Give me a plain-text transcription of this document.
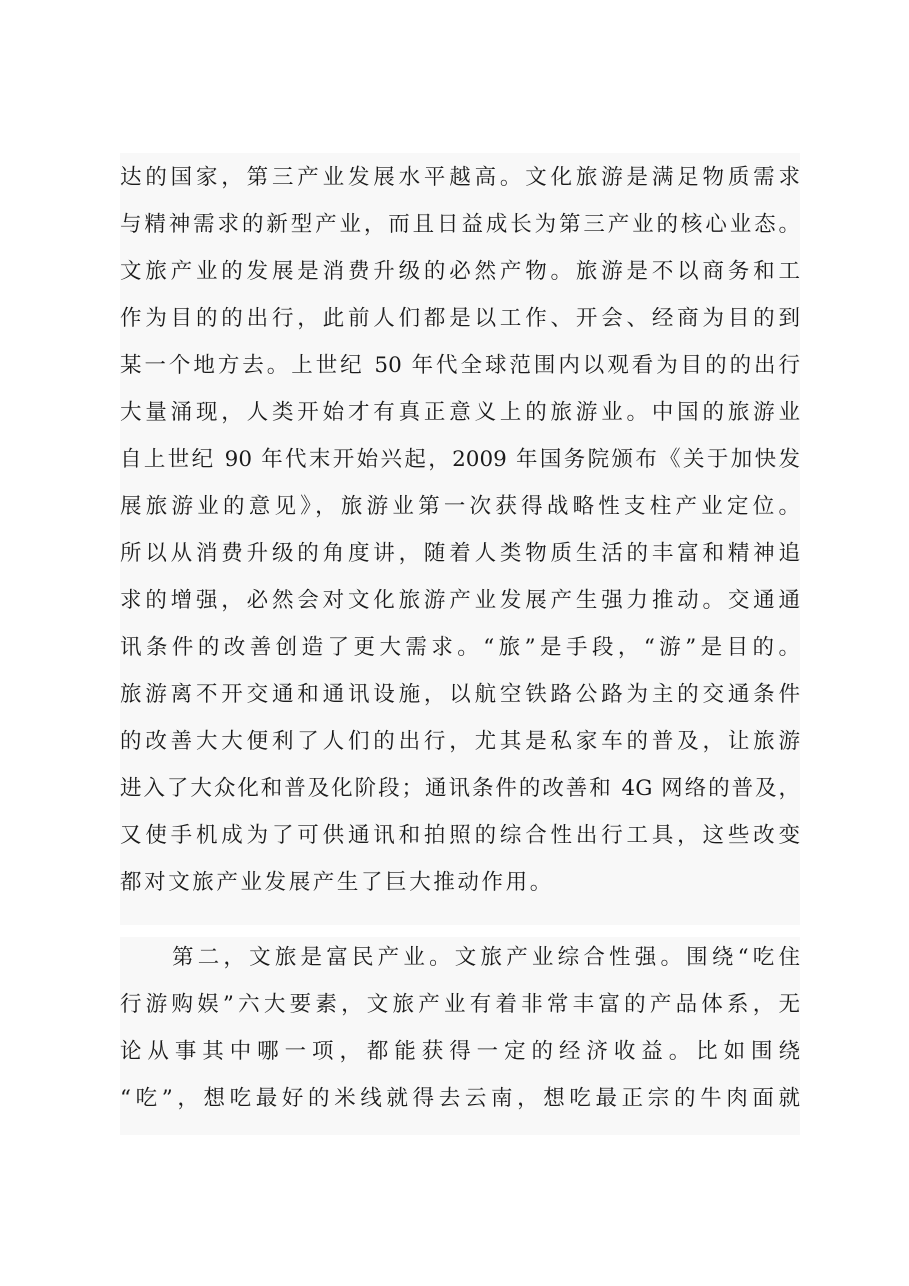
达的国家，第三产业发展水平越高。文化旅游是满足物质需求
与精神需求的新型产业，而且日益成长为第三产业的核心业态。
文旅产业的发展是消费升级的必然产物。旅游是不以商务和工
作为目的的出行，此前人们都是以工作、开会、经商为目的到
某一个地方去。上世纪 50 年代全球范围内以观看为目的的出行
大量涌现，人类开始才有真正意义上的旅游业。中国的旅游业
自上世纪 90 年代末开始兴起，2009 年国务院颁布《关于加快发
展旅游业的意见》，旅游业第一次获得战略性支柱产业定位。
所以从消费升级的角度讲，随着人类物质生活的丰富和精神追
求的增强，必然会对文化旅游产业发展产生强力推动。交通通
讯条件的改善创造了更大需求。“旅”是手段，“游”是目的。
旅游离不开交通和通讯设施，以航空铁路公路为主的交通条件
的改善大大便利了人们的出行，尤其是私家车的普及，让旅游
进入了大众化和普及化阶段；通讯条件的改善和 4G 网络的普及，
又使手机成为了可供通讯和拍照的综合性出行工具，这些改变
都对文旅产业发展产生了巨大推动作用。
第二，文旅是富民产业。文旅产业综合性强。围绕“吃住
行游购娱”六大要素，文旅产业有着非常丰富的产品体系，无
论从事其中哪一项，都能获得一定的经济收益。比如围绕
“吃”，想吃最好的米线就得去云南，想吃最正宗的牛肉面就
